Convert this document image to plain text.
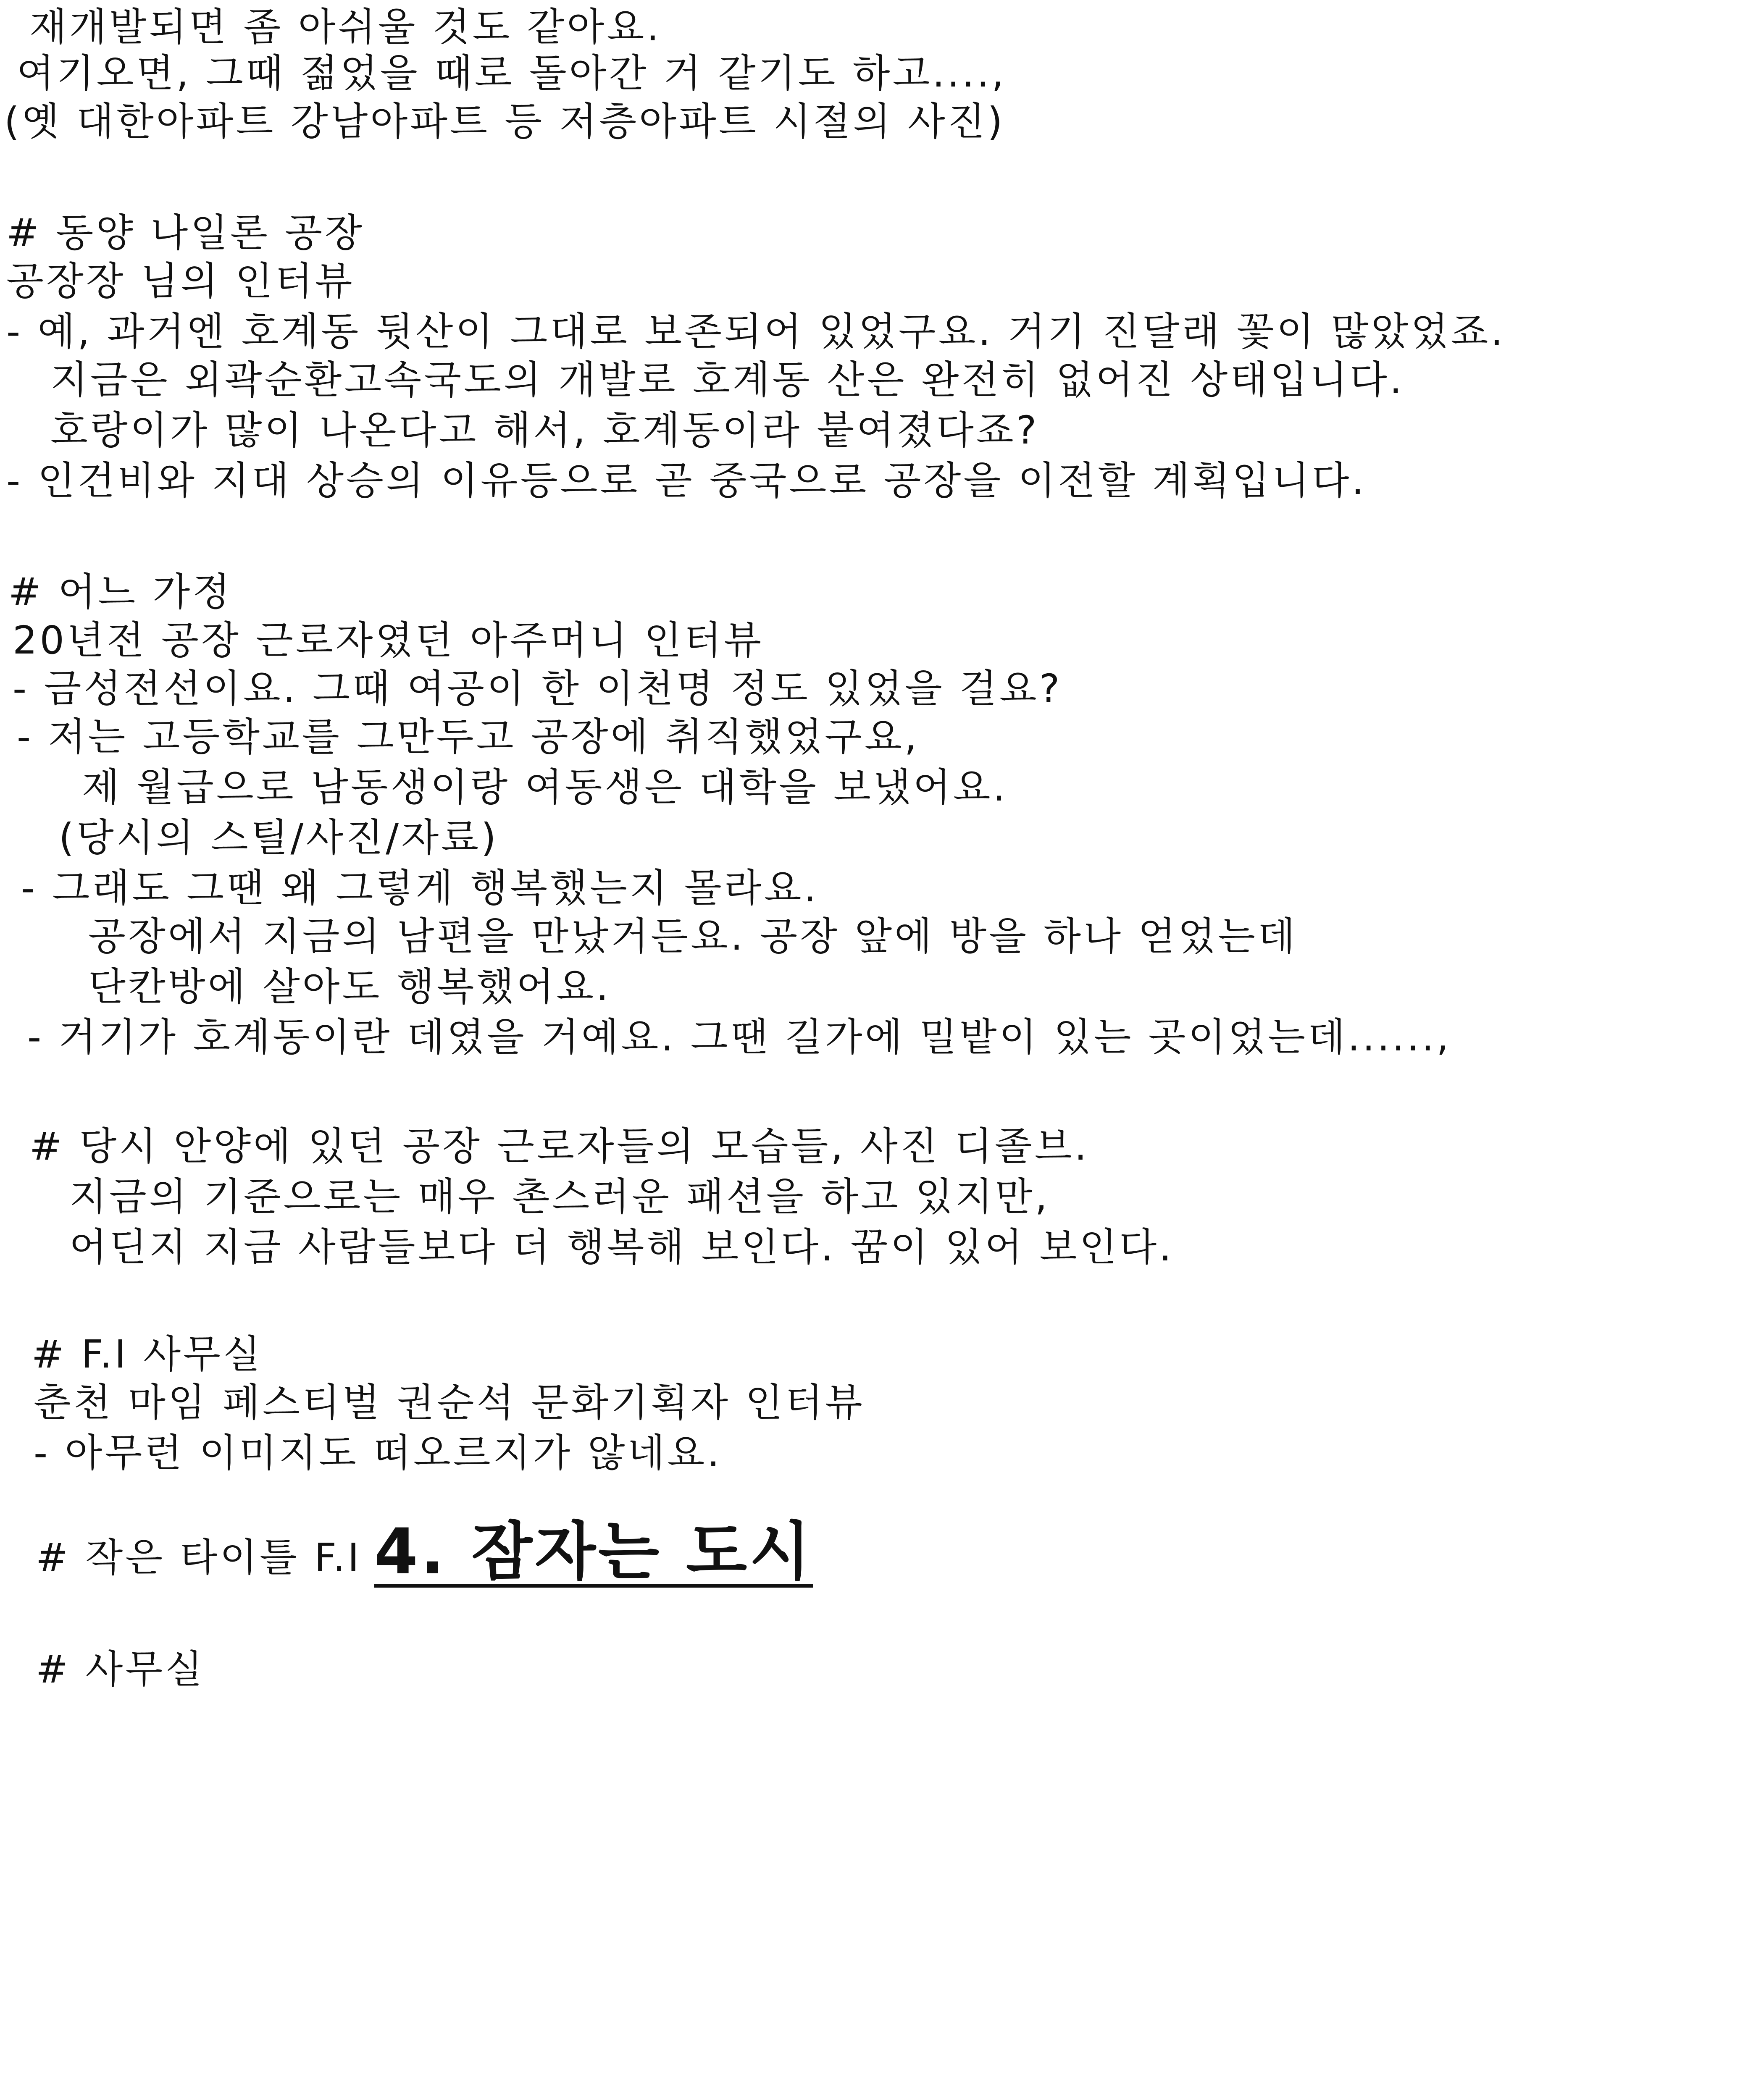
재개발되면 좀 아쉬울 것도 같아요.
여기오면, 그때 젊었을 때로 돌아간 거 같기도 하고....,
(옛 대한아파트 강남아파트 등 저층아파트 시절의 사진)
# 동양 나일론 공장
공장장 님의 인터뷰
- 예, 과거엔 호계동 뒷산이 그대로 보존되어 있었구요. 거기 진달래 꽃이 많았었죠.
지금은 외곽순환고속국도의 개발로 호계동 산은 완전히 없어진 상태입니다.
호랑이가 많이 나온다고 해서, 호계동이라 붙여졌다죠?
- 인건비와 지대 상승의 이유등으로 곧 중국으로 공장을 이전할 계획입니다.
# 어느 가정
20년전 공장 근로자였던 아주머니 인터뷰
- 금성전선이요. 그때 여공이 한 이천명 정도 있었을 걸요?
- 저는 고등학교를 그만두고 공장에 취직했었구요,
제 월급으로 남동생이랑 여동생은 대학을 보냈어요.
(당시의 스틸/사진/자료)
- 그래도 그땐 왜 그렇게 행복했는지 몰라요.
공장에서 지금의 남편을 만났거든요. 공장 앞에 방을 하나 얻었는데
단칸방에 살아도 행복했어요.
- 거기가 호계동이란 데였을 거예요. 그땐 길가에 밀밭이 있는 곳이었는데......,
# 당시 안양에 있던 공장 근로자들의 모습들, 사진 디졸브.
지금의 기준으로는 매우 촌스러운 패션을 하고 있지만,
어딘지 지금 사람들보다 더 행복해 보인다. 꿈이 있어 보인다.
# F.I 사무실
춘천 마임 페스티벌 권순석 문화기획자 인터뷰
- 아무런 이미지도 떠오르지가 않네요.
# 작은 타이틀 F.I 4. 잠자는 도시
# 사무실
